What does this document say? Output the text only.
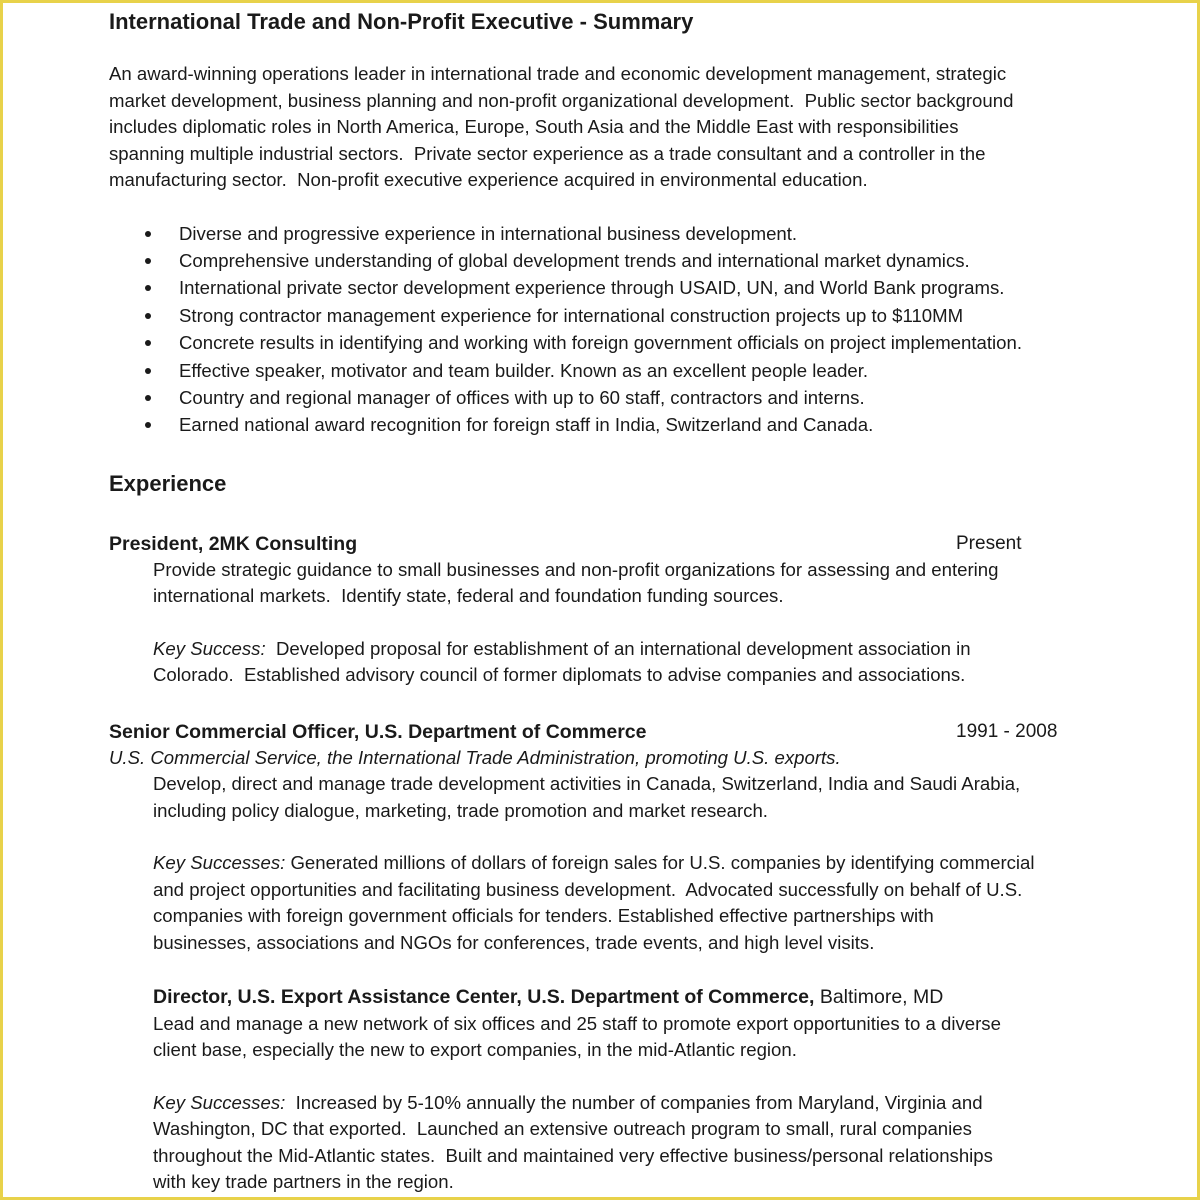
International Trade and Non-Profit Executive - Summary
An award-winning operations leader in international trade and economic development management, strategic
market development, business planning and non-profit organizational development.  Public sector background
includes diplomatic roles in North America, Europe, South Asia and the Middle East with responsibilities
spanning multiple industrial sectors.  Private sector experience as a trade consultant and a controller in the
manufacturing sector.  Non-profit executive experience acquired in environmental education.
Diverse and progressive experience in international business development.
Comprehensive understanding of global development trends and international market dynamics.
International private sector development experience through USAID, UN, and World Bank programs.
Strong contractor management experience for international construction projects up to $110MM
Concrete results in identifying and working with foreign government officials on project implementation.
Effective speaker, motivator and team builder. Known as an excellent people leader.
Country and regional manager of offices with up to 60 staff, contractors and interns.
Earned national award recognition for foreign staff in India, Switzerland and Canada.
Experience
President, 2MK Consulting	Present
Provide strategic guidance to small businesses and non-profit organizations for assessing and entering
international markets.  Identify state, federal and foundation funding sources.
Key Success:  Developed proposal for establishment of an international development association in
Colorado.  Established advisory council of former diplomats to advise companies and associations.
Senior Commercial Officer, U.S. Department of Commerce	1991 - 2008
U.S. Commercial Service, the International Trade Administration, promoting U.S. exports.
Develop, direct and manage trade development activities in Canada, Switzerland, India and Saudi Arabia,
including policy dialogue, marketing, trade promotion and market research.
Key Successes: Generated millions of dollars of foreign sales for U.S. companies by identifying commercial
and project opportunities and facilitating business development.  Advocated successfully on behalf of U.S.
companies with foreign government officials for tenders. Established effective partnerships with
businesses, associations and NGOs for conferences, trade events, and high level visits.
Director, U.S. Export Assistance Center, U.S. Department of Commerce, Baltimore, MD
Lead and manage a new network of six offices and 25 staff to promote export opportunities to a diverse
client base, especially the new to export companies, in the mid-Atlantic region.
Key Successes:  Increased by 5-10% annually the number of companies from Maryland, Virginia and
Washington, DC that exported.  Launched an extensive outreach program to small, rural companies
throughout the Mid-Atlantic states.  Built and maintained very effective business/personal relationships
with key trade partners in the region.
